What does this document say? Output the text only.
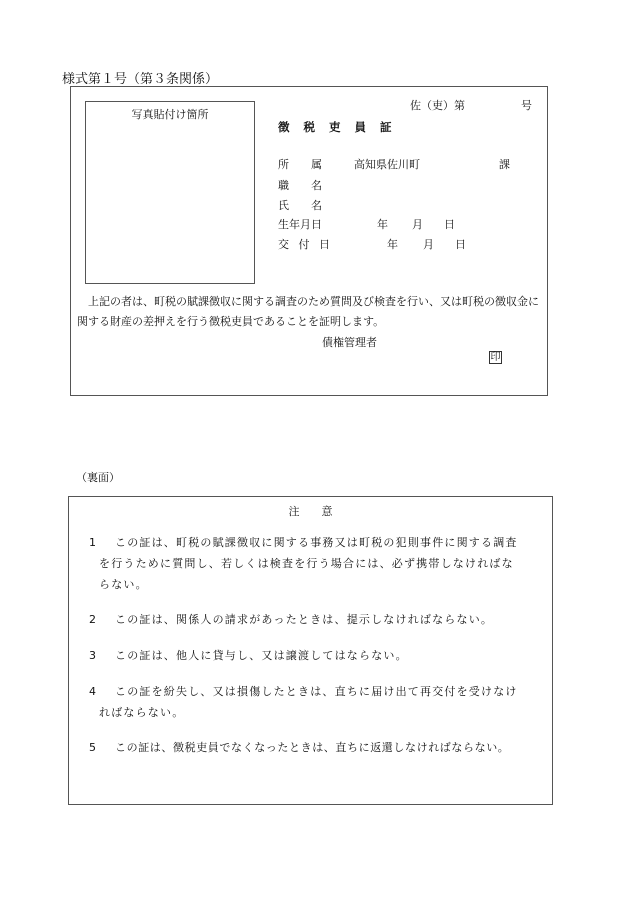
様式第１号（第３条関係）
写真貼付け箇所
佐（吏）第	号
徴 税 吏 員 証
所　　属	高知県佐川町	課
職　　名
氏　　名
生年月日	年 月 日
交 付 日	年 月 日
上記の者は、町税の賦課徴収に関する調査のため質問及び検査を行い、又は町税の徴収金に
関する財産の差押えを行う徴税吏員であることを証明します。
債権管理者
印
（裏面）
注　　意
1 この証は、町税の賦課徴収に関する事務又は町税の犯則事件に関する調査
を行うために質問し、若しくは検査を行う場合には、必ず携帯しなければな
らない。
2 この証は、関係人の請求があったときは、提示しなければならない。
3 この証は、他人に貸与し、又は譲渡してはならない。
4 この証を紛失し、又は損傷したときは、直ちに届け出て再交付を受けなけ
ればならない。
5 この証は、徴税吏員でなくなったときは、直ちに返還しなければならない。
